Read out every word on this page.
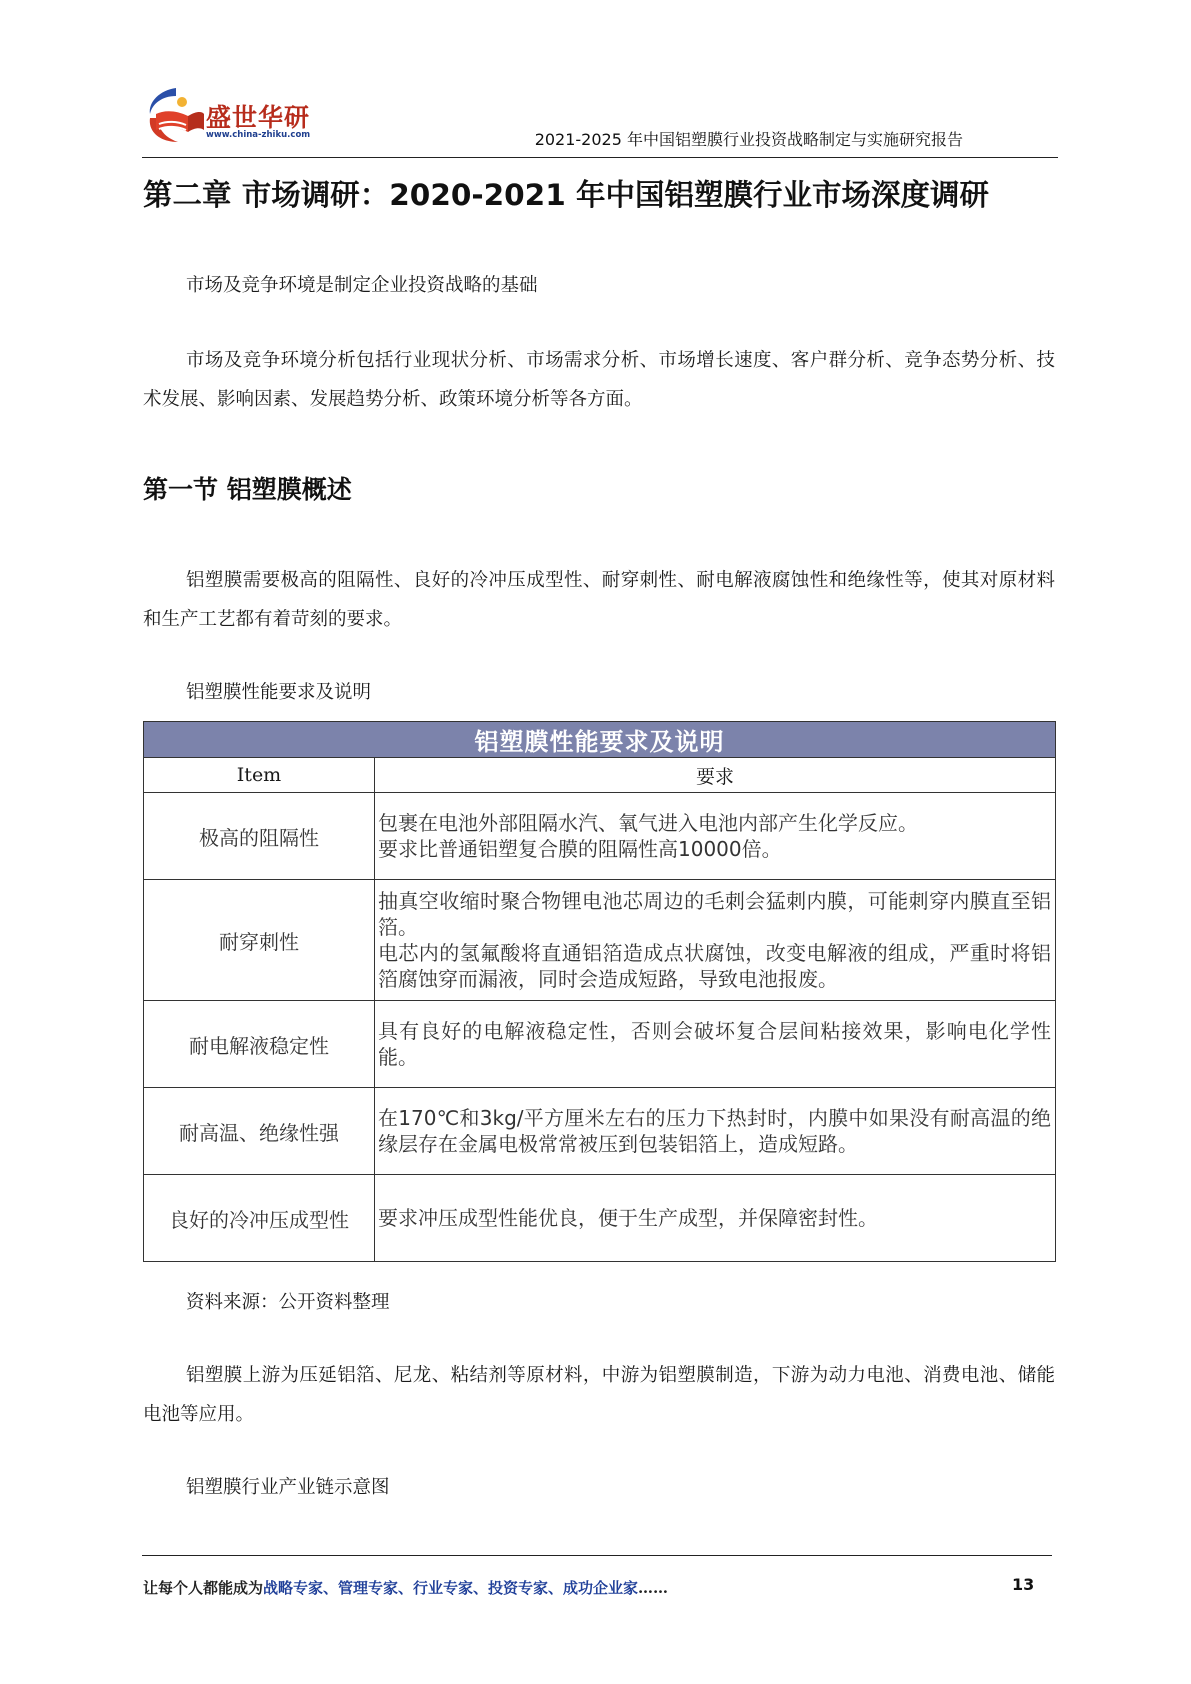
盛世华研
www.china-zhiku.com	2021-2025 年中国铝塑膜行业投资战略制定与实施研究报告
第二章 市场调研：2020-2021 年中国铝塑膜行业市场深度调研

市场及竞争环境是制定企业投资战略的基础

市场及竞争环境分析包括行业现状分析、市场需求分析、市场增长速度、客户群分析、竞争态势分析、技术发展、影响因素、发展趋势分析、政策环境分析等各方面。

第一节 铝塑膜概述

铝塑膜需要极高的阻隔性、良好的冷冲压成型性、耐穿刺性、耐电解液腐蚀性和绝缘性等，使其对原材料和生产工艺都有着苛刻的要求。

铝塑膜性能要求及说明

铝塑膜性能要求及说明	
Item	要求
极高的阻隔性	包裹在电池外部阻隔水汽、氧气进入电池内部产生化学反应。
要求比普通铝塑复合膜的阻隔性高10000倍。

耐穿刺性	抽真空收缩时聚合物锂电池芯周边的毛刺会猛刺内膜，可能刺穿内膜直至铝箔。
电芯内的氢氟酸将直通铝箔造成点状腐蚀，改变电解液的组成，严重时将铝箔腐蚀穿而漏液，同时会造成短路，导致电池报废。

耐电解液稳定性	具有良好的电解液稳定性，否则会破坏复合层间粘接效果，影响电化学性能。

耐高温、绝缘性强	在170℃和3kg/平方厘米左右的压力下热封时，内膜中如果没有耐高温的绝缘层存在金属电极常常被压到包装铝箔上，造成短路。

良好的冷冲压成型性	要求冲压成型性能优良，便于生产成型，并保障密封性。

资料来源：公开资料整理

铝塑膜上游为压延铝箔、尼龙、粘结剂等原材料，中游为铝塑膜制造，下游为动力电池、消费电池、储能电池等应用。

铝塑膜行业产业链示意图

让每个人都能成为战略专家、管理专家、行业专家、投资专家、成功企业家……	13
